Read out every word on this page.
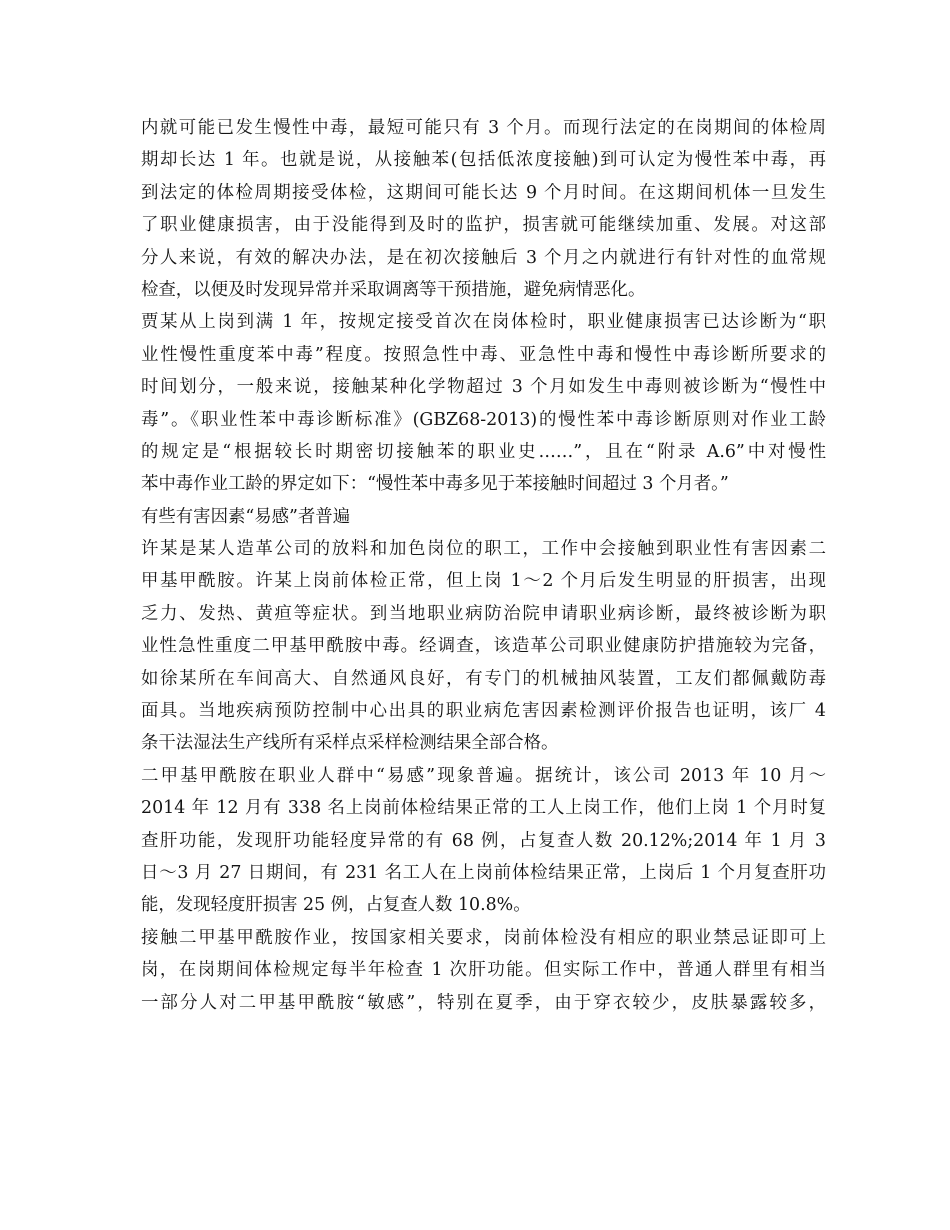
内就可能已发生慢性中毒，最短可能只有 3 个月。而现行法定的在岗期间的体检周
期却长达 1 年。也就是说，从接触苯(包括低浓度接触)到可认定为慢性苯中毒，再
到法定的体检周期接受体检，这期间可能长达 9 个月时间。在这期间机体一旦发生
了职业健康损害，由于没能得到及时的监护，损害就可能继续加重、发展。对这部
分人来说，有效的解决办法，是在初次接触后 3 个月之内就进行有针对性的血常规
检查，以便及时发现异常并采取调离等干预措施，避免病情恶化。
贾某从上岗到满 1 年，按规定接受首次在岗体检时，职业健康损害已达诊断为“职
业性慢性重度苯中毒”程度。按照急性中毒、亚急性中毒和慢性中毒诊断所要求的
时间划分，一般来说，接触某种化学物超过 3 个月如发生中毒则被诊断为“慢性中
毒”。《职业性苯中毒诊断标准》(GBZ68-2013)的慢性苯中毒诊断原则对作业工龄
的规定是“根据较长时期密切接触苯的职业史……”，且在“附录 A.6”中对慢性
苯中毒作业工龄的界定如下：“慢性苯中毒多见于苯接触时间超过 3 个月者。”
有些有害因素“易感”者普遍
许某是某人造革公司的放料和加色岗位的职工，工作中会接触到职业性有害因素二
甲基甲酰胺。许某上岗前体检正常，但上岗 1～2 个月后发生明显的肝损害，出现
乏力、发热、黄疸等症状。到当地职业病防治院申请职业病诊断，最终被诊断为职
业性急性重度二甲基甲酰胺中毒。经调查，该造革公司职业健康防护措施较为完备，
如徐某所在车间高大、自然通风良好，有专门的机械抽风装置，工友们都佩戴防毒
面具。当地疾病预防控制中心出具的职业病危害因素检测评价报告也证明，该厂 4
条干法湿法生产线所有采样点采样检测结果全部合格。
二甲基甲酰胺在职业人群中“易感”现象普遍。据统计，该公司 2013 年 10 月～
2014 年 12 月有 338 名上岗前体检结果正常的工人上岗工作，他们上岗 1 个月时复
查肝功能，发现肝功能轻度异常的有 68 例，占复查人数 20.12%;2014 年 1 月 3
日～3 月 27 日期间，有 231 名工人在上岗前体检结果正常，上岗后 1 个月复查肝功
能，发现轻度肝损害 25 例，占复查人数 10.8%。
接触二甲基甲酰胺作业，按国家相关要求，岗前体检没有相应的职业禁忌证即可上
岗，在岗期间体检规定每半年检查 1 次肝功能。但实际工作中，普通人群里有相当
一部分人对二甲基甲酰胺“敏感”，特别在夏季，由于穿衣较少，皮肤暴露较多，
